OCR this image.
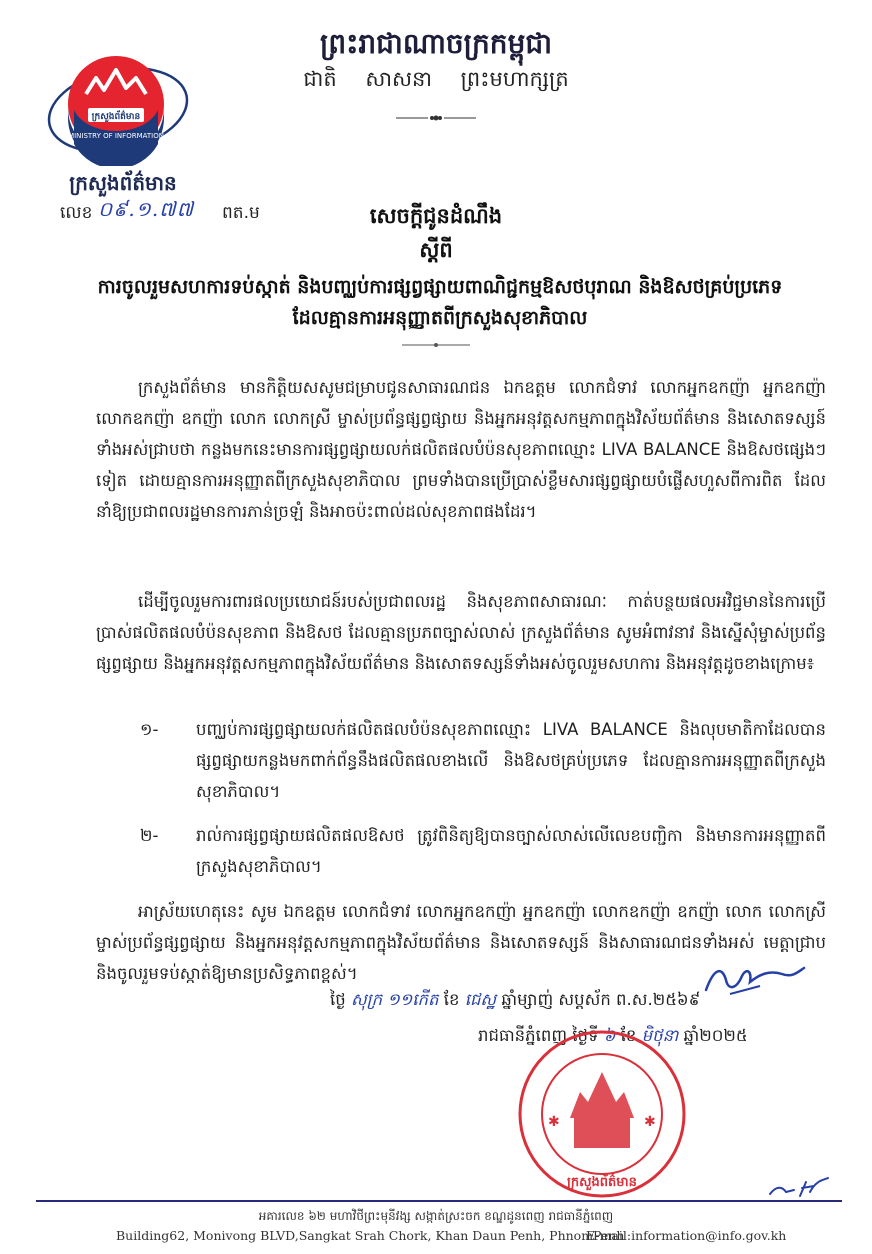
ព្រះរាជាណាចក្រកម្ពុជា
ជាតិ សាសនា ព្រះមហាក្សត្រ
ក្រសួងព័ត៌មាន
MINISTRY OF INFORMATION
ក្រសួងព័ត៌មាន
លេខ ០៩.១.៧៧ ពត.ម	សេចក្តីជូនដំណឹង
ស្តីពី
ការចូលរួមសហការទប់ស្កាត់ និងបញ្ឈប់ការផ្សព្វផ្សាយពាណិជ្ជកម្មឱសថបុរាណ និងឱសថគ្រប់ប្រភេទដែលគ្មានការអនុញ្ញាតពីក្រសួងសុខាភិបាល
ក្រសួងព័ត៌មាន មានកិត្តិយសសូមជម្រាបជូនសាធារណជន ឯកឧត្តម លោកជំទាវ លោកអ្នកឧកញ៉ា អ្នកឧកញ៉ា លោកឧកញ៉ា ឧកញ៉ា លោក លោកស្រី ម្ចាស់ប្រព័ន្ធផ្សព្វផ្សាយ និងអ្នកអនុវត្តសកម្មភាពក្នុងវិស័យព័ត៌មាន និងសោតទស្សន៍ទាំងអស់ជ្រាបថា កន្លងមកនេះមានការផ្សព្វផ្សាយលក់ផលិតផលបំប៉នសុខភាពឈ្មោះ LIVA BALANCE និងឱសថផ្សេងៗទៀត ដោយគ្មានការអនុញ្ញាតពីក្រសួងសុខាភិបាល ព្រមទាំងបានប្រើប្រាស់ខ្លឹមសារផ្សព្វផ្សាយបំផ្លើសហួសពីការពិត ដែលនាំឱ្យប្រជាពលរដ្ឋមានការភាន់ច្រឡំ និងអាចប៉ះពាល់ដល់សុខភាពផងដែរ។
ដើម្បីចូលរួមការពារផលប្រយោជន៍របស់ប្រជាពលរដ្ឋ និងសុខភាពសាធារណៈ កាត់បន្ថយផលអវិជ្ជមាននៃការប្រើប្រាស់ផលិតផលបំប៉នសុខភាព និងឱសថ ដែលគ្មានប្រភពច្បាស់លាស់ ក្រសួងព័ត៌មាន សូមអំពាវនាវ និងស្នើសុំម្ចាស់ប្រព័ន្ធផ្សព្វផ្សាយ និងអ្នកអនុវត្តសកម្មភាពក្នុងវិស័យព័ត៌មាន និងសោតទស្សន៍ទាំងអស់ចូលរួមសហការ និងអនុវត្តដូចខាងក្រោម៖
១- បញ្ឈប់ការផ្សព្វផ្សាយលក់ផលិតផលបំប៉នសុខភាពឈ្មោះ LIVA BALANCE និងលុបមាតិកាដែលបានផ្សព្វផ្សាយកន្លងមកពាក់ព័ន្ធនឹងផលិតផលខាងលើ និងឱសថគ្រប់ប្រភេទ ដែលគ្មានការអនុញ្ញាតពីក្រសួងសុខាភិបាល។
២- រាល់ការផ្សព្វផ្សាយផលិតផលឱសថ ត្រូវពិនិត្យឱ្យបានច្បាស់លាស់លើលេខបញ្ជិកា និងមានការអនុញ្ញាតពីក្រសួងសុខាភិបាល។
អាស្រ័យហេតុនេះ សូម ឯកឧត្តម លោកជំទាវ លោកអ្នកឧកញ៉ា អ្នកឧកញ៉ា លោកឧកញ៉ា ឧកញ៉ា លោក លោកស្រីម្ចាស់ប្រព័ន្ធផ្សព្វផ្សាយ និងអ្នកអនុវត្តសកម្មភាពក្នុងវិស័យព័ត៌មាន និងសោតទស្សន៍ និងសាធារណជនទាំងអស់ មេត្តាជ្រាប និងចូលរួមទប់ស្កាត់ឱ្យមានប្រសិទ្ធភាពខ្ពស់។
ថ្ងៃ សុក្រ ១១កើត ខែ ជេស្ឋ ឆ្នាំម្សាញ់ សប្តស័ក ព.ស.២៥៦៩
រាជធានីភ្នំពេញ ថ្ងៃទី ៦ ខែ មិថុនា ឆ្នាំ២០២៥
✱	✱
ក្រសួងព័ត៌មាន
អគារលេខ ៦២ មហាវិថីព្រះមុនីវង្ស សង្កាត់ស្រះចក ខណ្ឌដូនពេញ រាជធានីភ្នំពេញ
Building62, Monivong BLVD,Sangkat Srah Chork, Khan Daun Penh, PhnomPenh
E-mail:information@info.gov.kh
